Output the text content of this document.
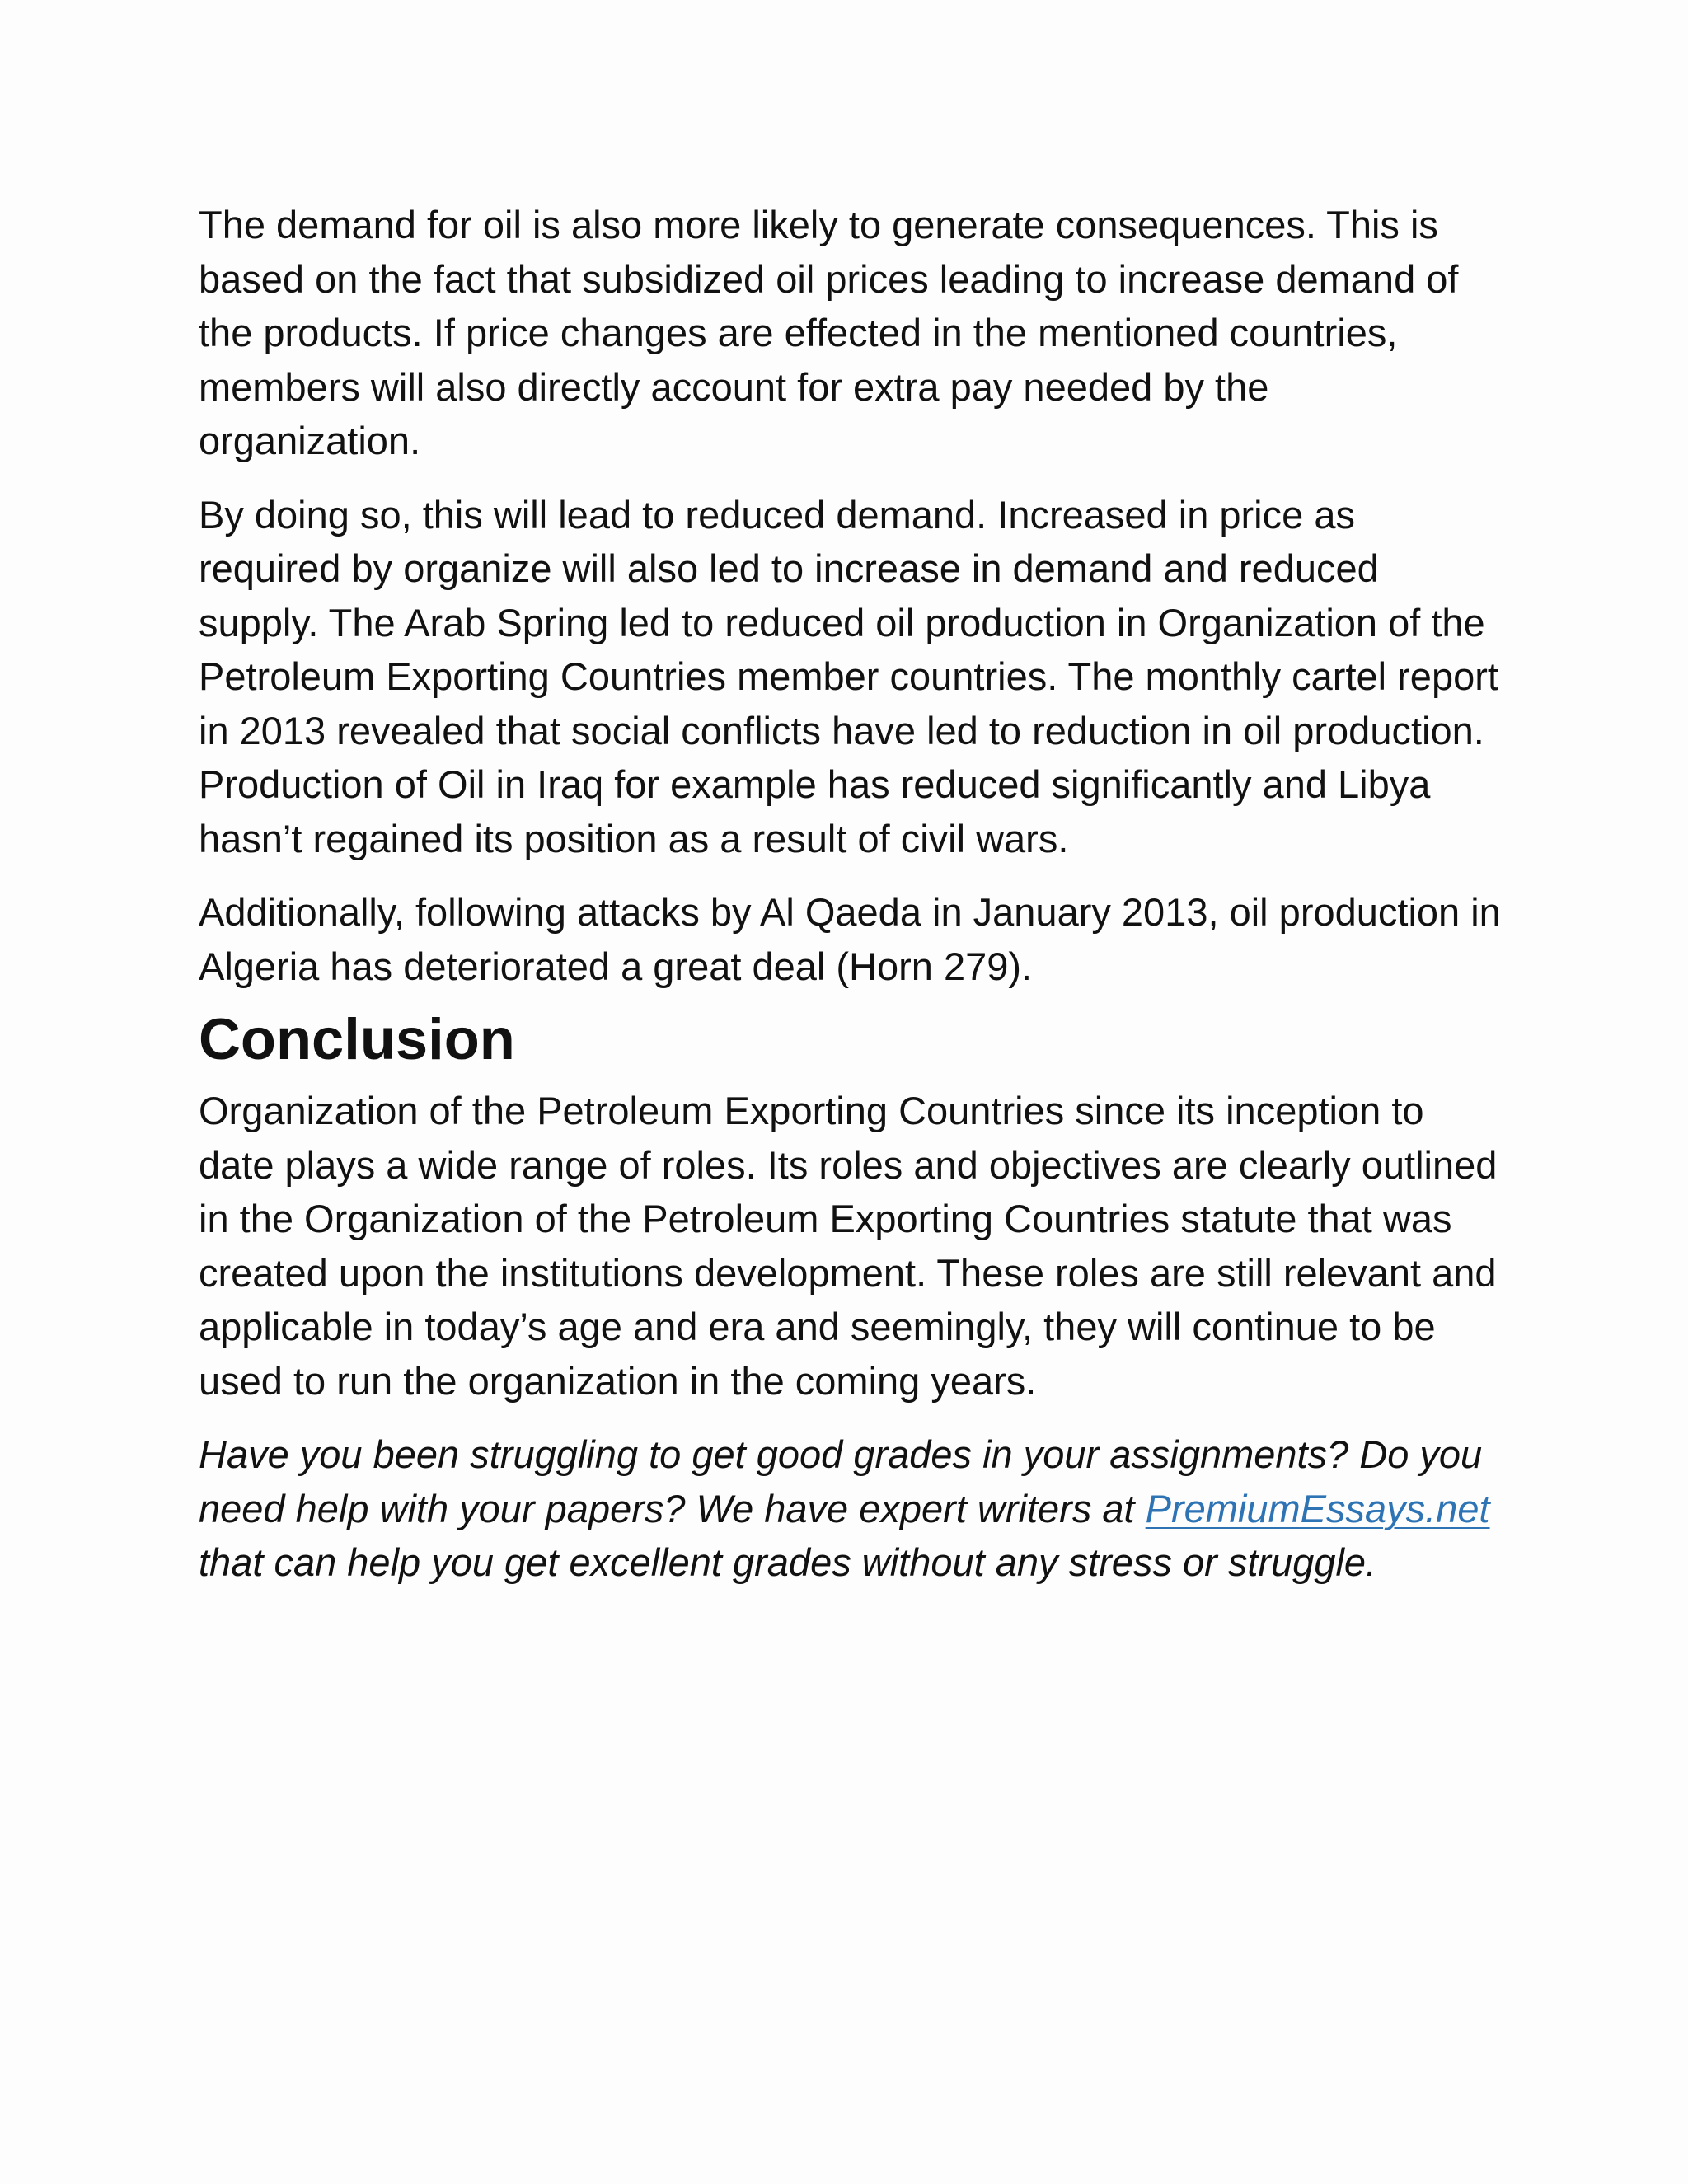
The demand for oil is also more likely to generate consequences. This is based on the fact that subsidized oil prices leading to increase demand of the products. If price changes are effected in the mentioned countries, members will also directly account for extra pay needed by the organization.

By doing so, this will lead to reduced demand. Increased in price as required by organize will also led to increase in demand and reduced supply. The Arab Spring led to reduced oil production in Organization of the Petroleum Exporting Countries member countries. The monthly cartel report in 2013 revealed that social conflicts have led to reduction in oil production. Production of Oil in Iraq for example has reduced significantly and Libya hasn’t regained its position as a result of civil wars.

Additionally, following attacks by Al Qaeda in January 2013, oil production in Algeria has deteriorated a great deal (Horn 279).

Conclusion

Organization of the Petroleum Exporting Countries since its inception to date plays a wide range of roles. Its roles and objectives are clearly outlined in the Organization of the Petroleum Exporting Countries statute that was created upon the institutions development. These roles are still relevant and applicable in today’s age and era and seemingly, they will continue to be used to run the organization in the coming years.

Have you been struggling to get good grades in your assignments? Do you need help with your papers? We have expert writers at PremiumEssays.net that can help you get excellent grades without any stress or struggle.
